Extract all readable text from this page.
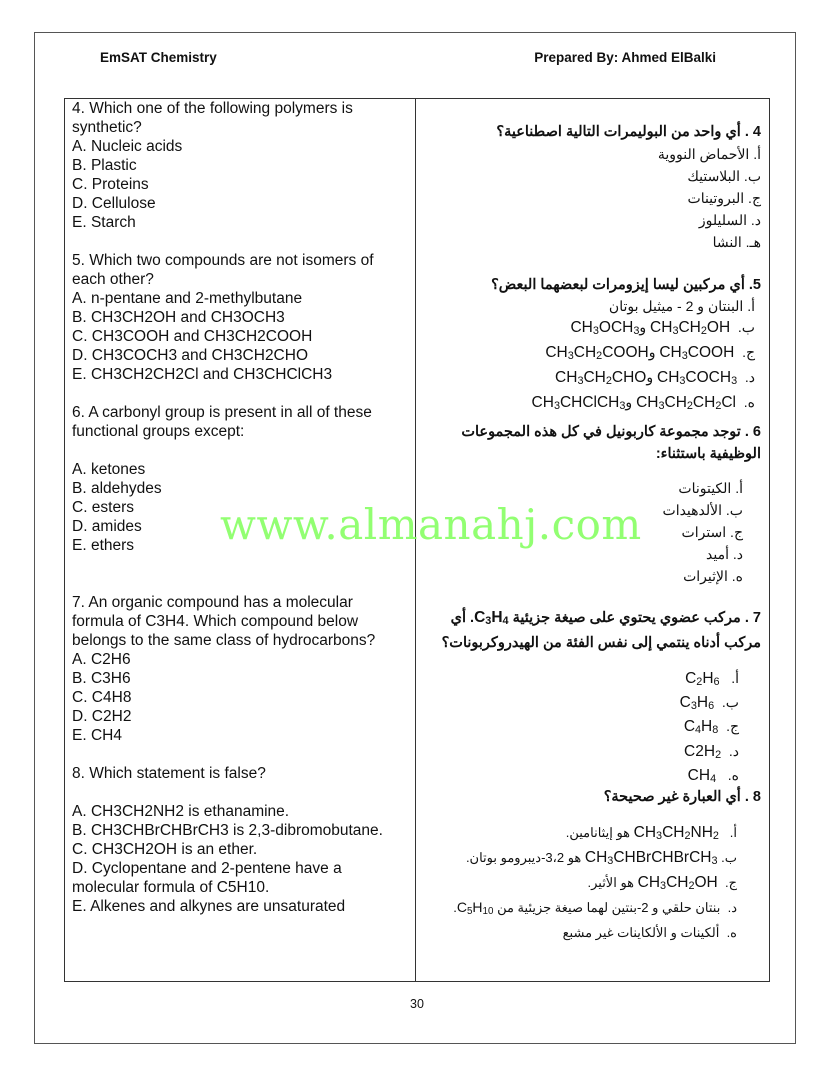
EmSAT Chemistry	Prepared By: Ahmed ElBalki
4. Which one of the following polymers is
synthetic?
A. Nucleic acids
B. Plastic
C. Proteins
D. Cellulose
E. Starch
5. Which two compounds are not isomers of
each other?
A. n-pentane and 2-methylbutane
B. CH3CH2OH and CH3OCH3
C. CH3COOH and CH3CH2COOH
D. CH3COCH3 and CH3CH2CHO
E. CH3CH2CH2Cl and CH3CHClCH3
6. A carbonyl group is present in all of these
functional groups except:
A. ketones
B. aldehydes
C. esters
D. amides
E. ethers
7. An organic compound has a molecular
formula of C3H4. Which compound below
belongs to the same class of hydrocarbons?
A. C2H6
B. C3H6
C. C4H8
D. C2H2
E. CH4
8. Which statement is false?
A. CH3CH2NH2 is ethanamine.
B. CH3CHBrCHBrCH3 is 2,3-dibromobutane.
C. CH3CH2OH is an ether.
D. Cyclopentane and 2-pentene have a
molecular formula of C5H10.
E. Alkenes and alkynes are unsaturated
4 . أي واحد من البوليمرات التالية اصطناعية؟
أ. الأحماض النووية
ب. البلاستيك
ج. البروتينات
د. السليلوز
هـ. النشا
5. أي مركبين ليسا إيزومرات لبعضهما البعض؟
أ. البنتان و 2 - ميثيل بوتان
ب.  $CH_3CH_2OH$ $وCH_3OCH_3$
ج.  $CH_3COOH$ $وCH_3CH_2COOH$
د.  $CH_3COCH_3$ $وCH_3CH_2CHO$
ه.  $CH_3CH_2CH_2Cl$ وCH$_3$CHClCH$_3$
6 . توجد مجموعة كاربونيل في كل هذه المجموعات
الوظيفية باستثناء:
أ. الكيتونات
ب. الألدهيدات
ج. استرات
د. أميد
ه. الإثيرات
7 . مركب عضوي يحتوي على صيغة جزيئية $C_3H_4$. أي
مركب أدناه ينتمي إلى نفس الفئة من الهيدروكربونات؟
أ.   $C_2H_6$
ب.  $C_3H_6$
ج.  $C_4H_8$
د.  $C2H_2$
ه.   $CH_4$
8 . أي العبارة غير صحيحة؟
أ.   $CH_3CH_2NH_2$ هو إيثانامين.
ب. $CH_3CHBrCHBrCH_3$ هو 3،2-ديبرومو بوتان.
ج.  $CH_3CH_2OH$ هو الأثير.
د.  بنتان حلقي و 2-بنتين لهما صيغة جزيئية من $C_5H_{10}$.
ه.  ألكينات و الألكاينات غير مشبع
www.almanahj.com
30
